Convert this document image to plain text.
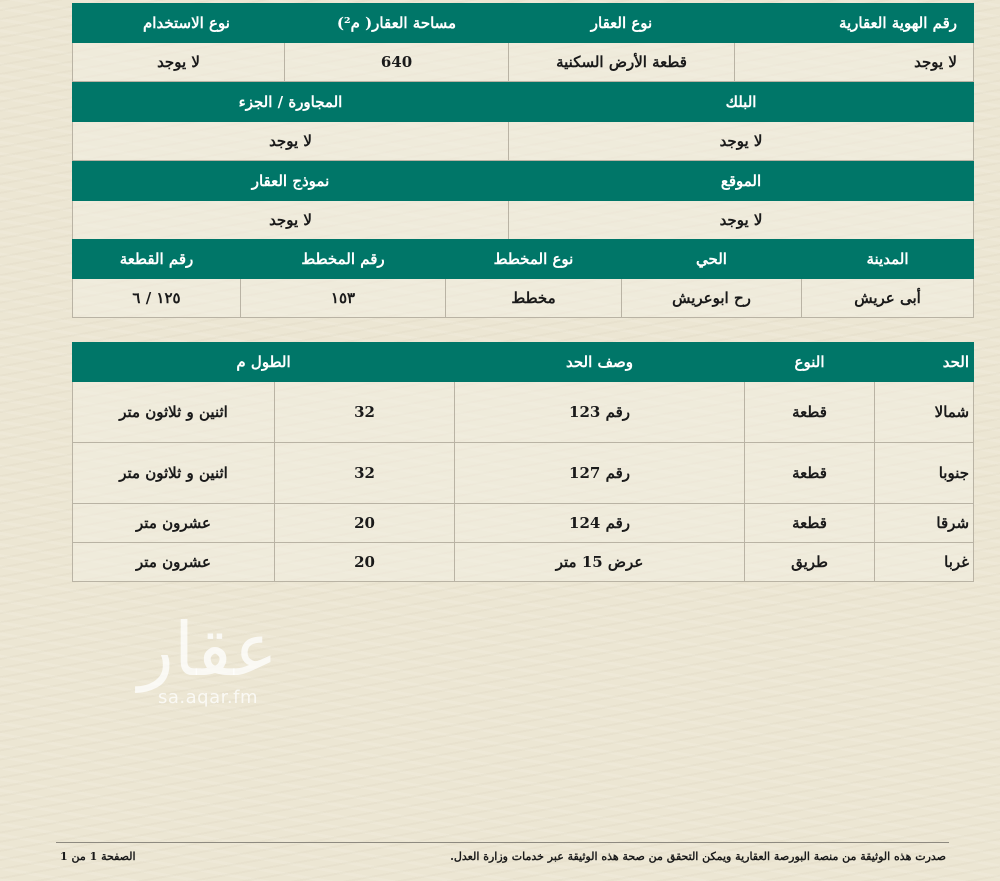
رقم الهوية العقارية	نوع العقار	مساحة العقار( م²)	نوع الاستخدام
لا يوجد	قطعة الأرض السكنية	640	لا يوجد
البلك	المجاورة / الجزء
لا يوجد	لا يوجد
الموقع	نموذج العقار
لا يوجد	لا يوجد
المدينة	الحي	نوع المخطط	رقم المخطط	رقم القطعة
أبى عريش	رح ابوعريش	مخطط	١٥٣	١٢٥ / ٦
الحد	النوع	وصف الحد	الطول م	
شمالا	قطعة	رقم 123	32	اثنين و ثلاثون متر
جنوبا	قطعة	رقم 127	32	اثنين و ثلاثون متر
شرقا	قطعة	رقم 124	20	عشرون متر
غربا	طريق	عرض 15 متر	20	عشرون متر
عقار
sa.aqar.fm
صدرت هذه الوثيقة من منصة البورصة العقارية ويمكن التحقق من صحة هذه الوثيقة عبر خدمات وزارة العدل.
الصفحة 1 من 1
